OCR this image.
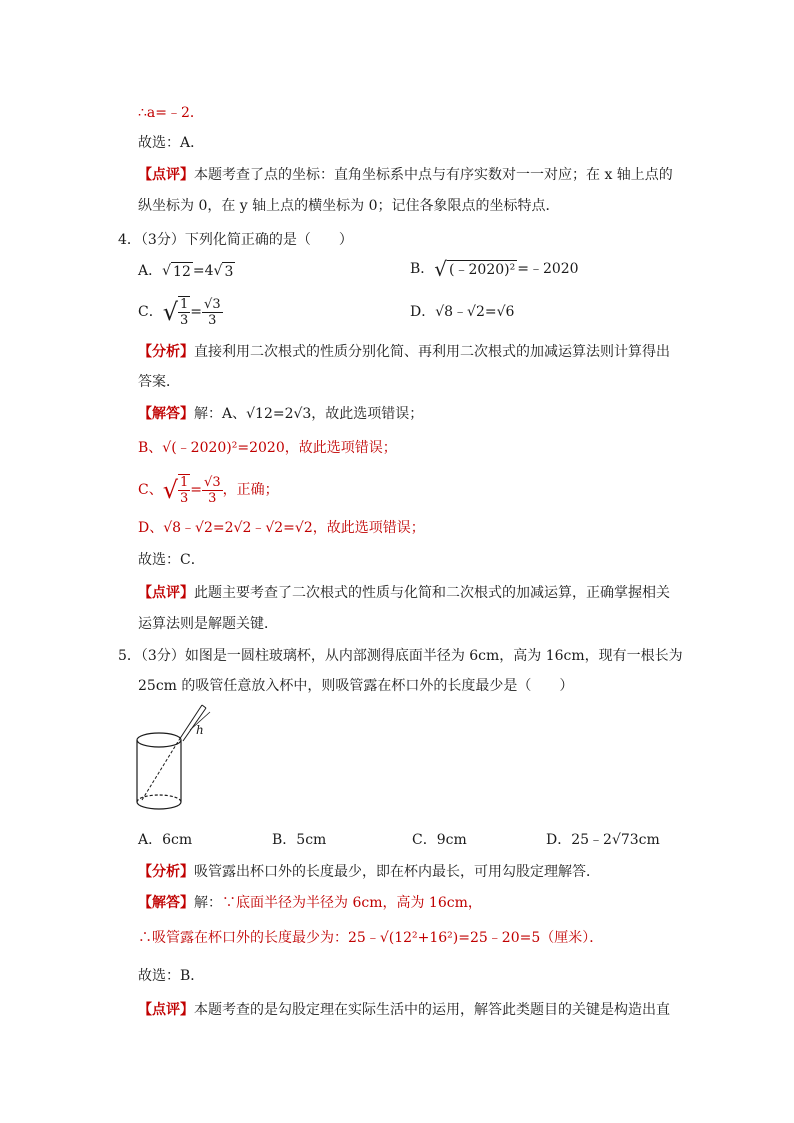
∴a=﹣2．
故选：A．
【点评】本题考查了点的坐标：直角坐标系中点与有序实数对一一对应；在 x 轴上点的
纵坐标为 0，在 y 轴上点的横坐标为 0；记住各象限点的坐标特点．
4．（3分）下列化简正确的是（　　）
A．√ 12 =4√ 3	B．√ (﹣2020)² =﹣2020
C．√ $\frac{1}{3} = \frac{√3}{3}$	D．√8﹣√2=√6
【分析】直接利用二次根式的性质分别化简、再利用二次根式的加减运算法则计算得出
答案．
【解答】解：A、√12=2√3，故此选项错误；
B、√(﹣2020)²=2020，故此选项错误；
C、√ $\frac{1}{3} = \frac{√3}{3}$ ，正确；
D、√8﹣√2=2√2﹣√2=√2，故此选项错误；
故选：C．
【点评】此题主要考查了二次根式的性质与化简和二次根式的加减运算，正确掌握相关
运算法则是解题关键．
5．（3分）如图是一圆柱玻璃杯，从内部测得底面半径为 6cm，高为 16cm，现有一根长为
25cm 的吸管任意放入杯中，则吸管露在杯口外的长度最少是（　　）
h
A．6cm	B．5cm	C．9cm	D．25﹣2√73cm
【分析】吸管露出杯口外的长度最少，即在杯内最长，可用勾股定理解答．
【解答】解：∵底面半径为半径为 6cm，高为 16cm，
∴吸管露在杯口外的长度最少为：25﹣√(12²+16²)=25﹣20=5（厘米）．
故选：B．
【点评】本题考查的是勾股定理在实际生活中的运用，解答此类题目的关键是构造出直
